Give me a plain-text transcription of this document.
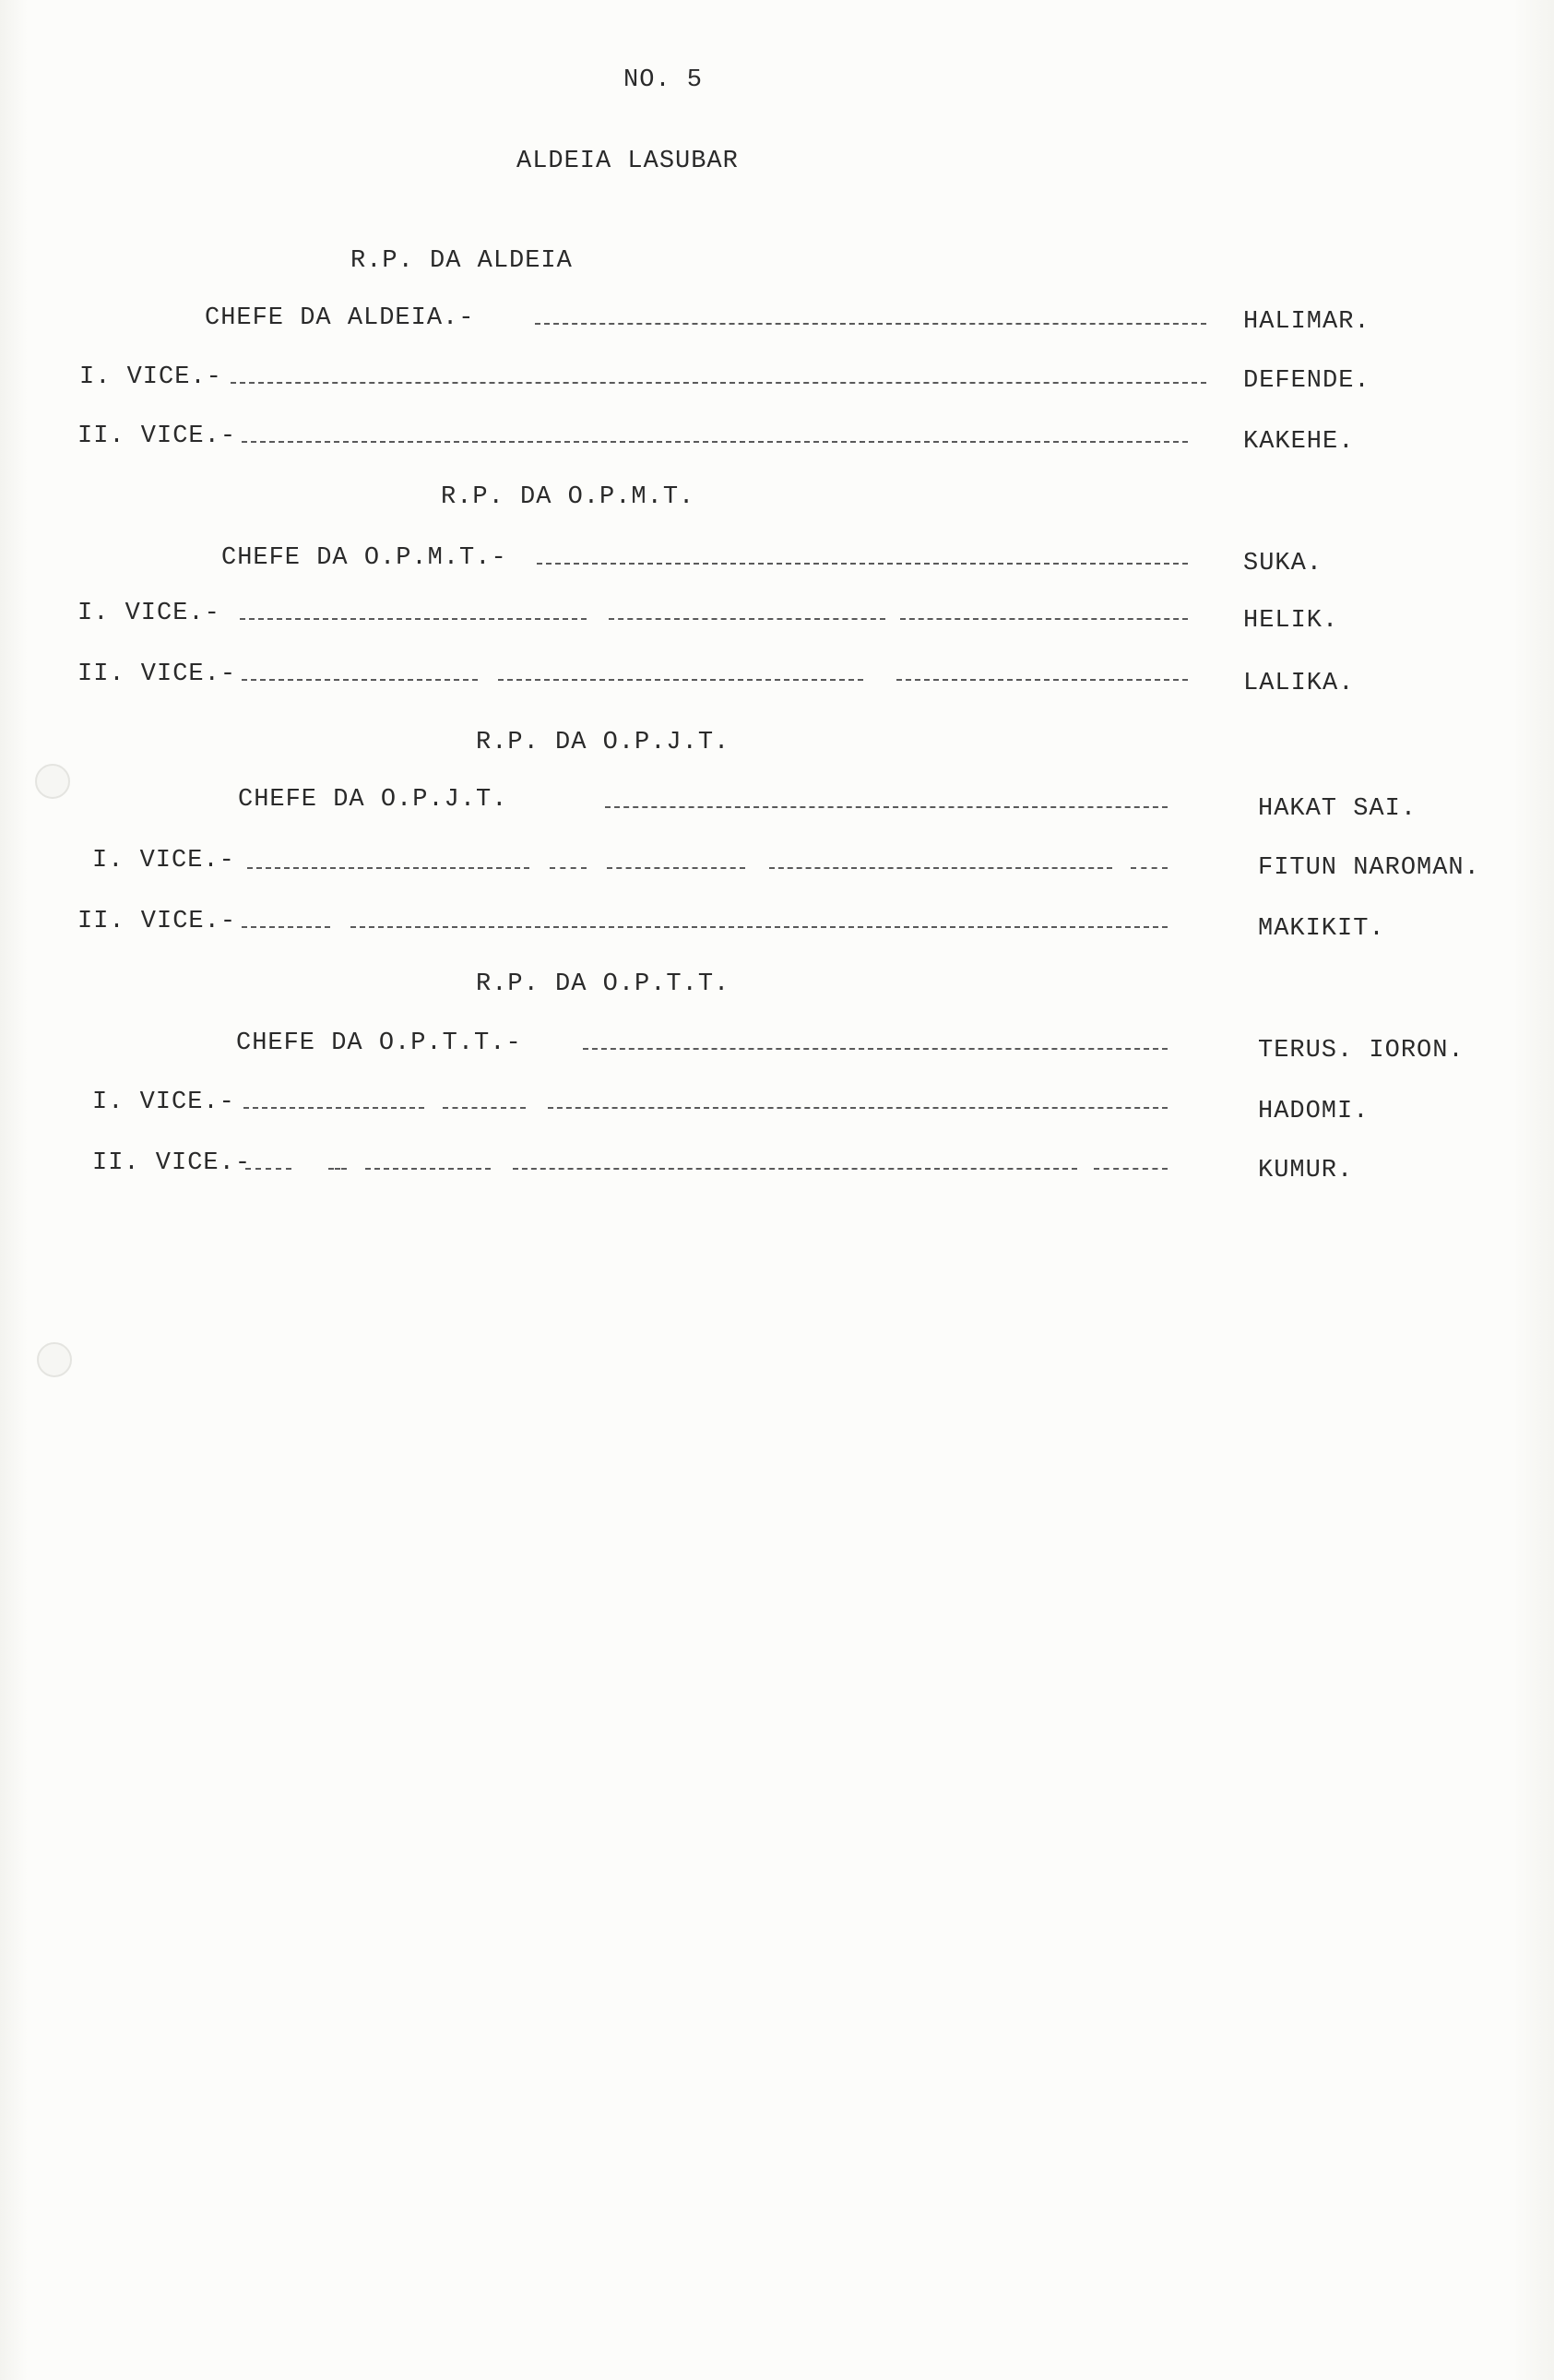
NO. 5
ALDEIA LASUBAR
R.P. DA ALDEIA
CHEFE DA ALDEIA.-	HALIMAR.
I. VICE.-	DEFENDE.
II. VICE.-	KAKEHE.
R.P. DA O.P.M.T.
CHEFE DA O.P.M.T.-	SUKA.
I. VICE.-	HELIK.
II. VICE.-	LALIKA.
R.P. DA O.P.J.T.
CHEFE DA O.P.J.T.	HAKAT SAI.
I. VICE.-	FITUN NAROMAN.
II. VICE.-	MAKIKIT.
R.P. DA O.P.T.T.
CHEFE DA O.P.T.T.-	TERUS. IORON.
I. VICE.-	HADOMI.
II. VICE.-	KUMUR.
